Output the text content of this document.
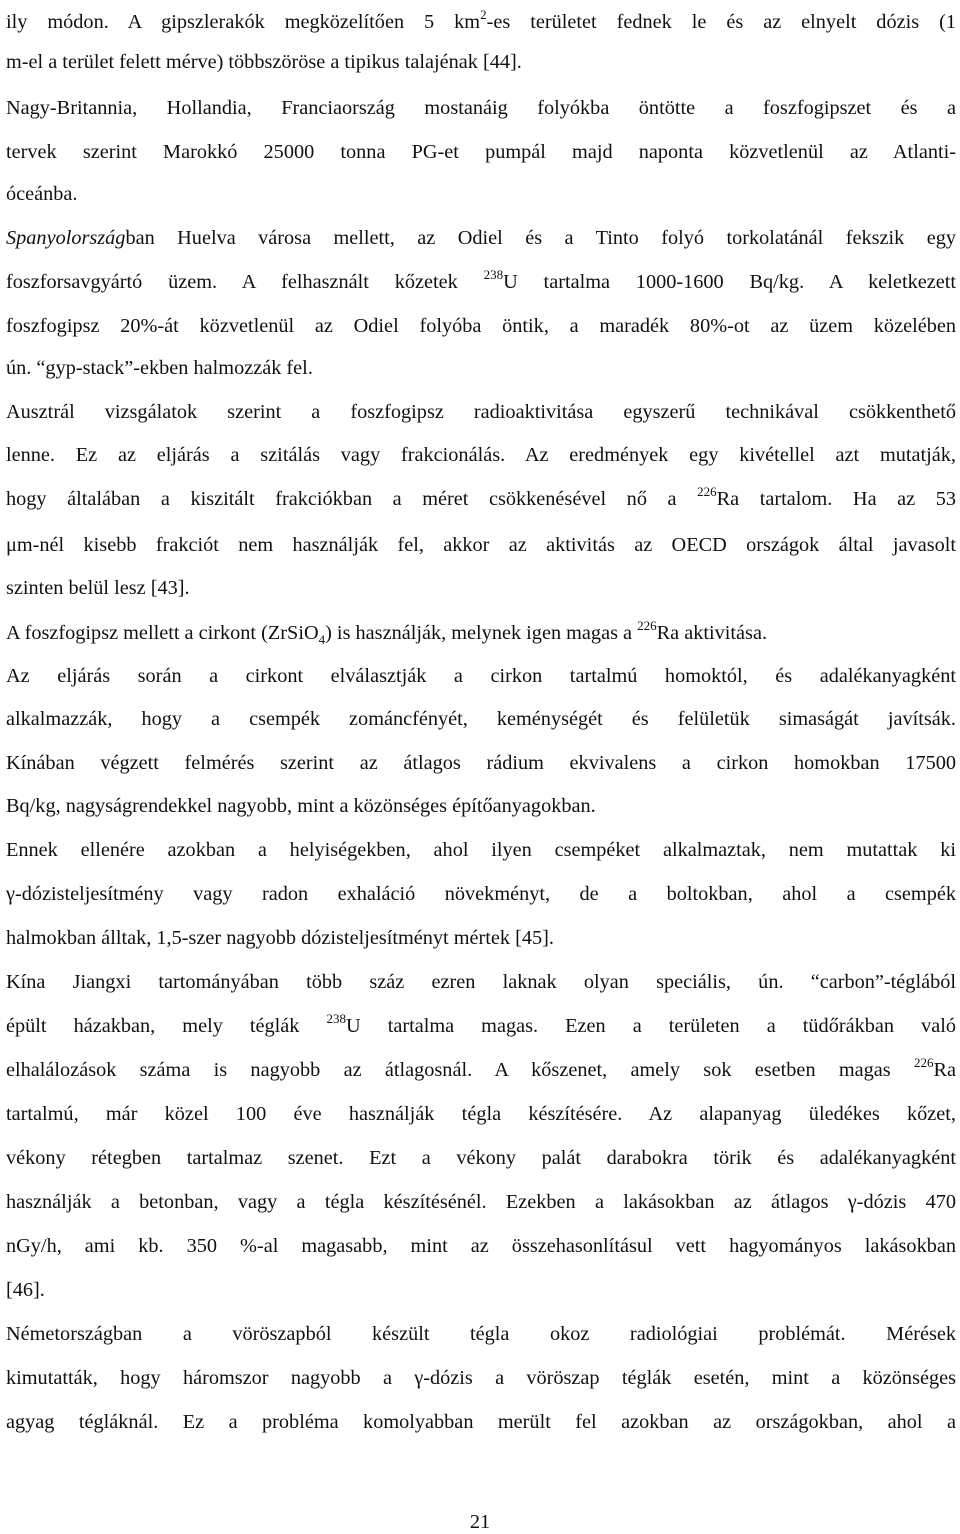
ily módon. A gipszlerakók megközelítően 5 $km^2-es$ területet fednek le és az elnyelt dózis (1
m-el a terület felett mérve) többszöröse a tipikus talajénak [44].
Nagy-Britannia, Hollandia, Franciaország mostanáig folyókba öntötte a foszfogipszet és a
tervek szerint Marokkó 25000 tonna PG-et pumpál majd naponta közvetlenül az Atlanti-
óceánba.
Spanyolországban Huelva városa mellett, az Odiel és a Tinto folyó torkolatánál fekszik egy
foszforsavgyártó üzem. A felhasznált kőzetek $^{238}$U tartalma 1000-1600 Bq/kg. A keletkezett
foszfogipsz 20%-át közvetlenül az Odiel folyóba öntik, a maradék 80%-ot az üzem közelében
ún. “gyp-stack”-ekben halmozzák fel.
Ausztrál vizsgálatok szerint a foszfogipsz radioaktivitása egyszerű technikával csökkenthető
lenne. Ez az eljárás a szitálás vagy frakcionálás. Az eredmények egy kivétellel azt mutatják,
hogy általában a kiszitált frakciókban a méret csökkenésével nő a $^{226}$Ra tartalom. Ha az 53
μm-nél kisebb frakciót nem használják fel, akkor az aktivitás az OECD országok által javasolt
szinten belül lesz [43].
A foszfogipsz mellett a cirkont (ZrSiO$_4$) is használják, melynek igen magas a $^{226}$Ra aktivitása.
Az eljárás során a cirkont elválasztják a cirkon tartalmú homoktól, és adalékanyagként
alkalmazzák, hogy a csempék zománcfényét, keménységét és felületük simaságát javítsák.
Kínában végzett felmérés szerint az átlagos rádium ekvivalens a cirkon homokban 17500
Bq/kg, nagyságrendekkel nagyobb, mint a közönséges építőanyagokban.
Ennek ellenére azokban a helyiségekben, ahol ilyen csempéket alkalmaztak, nem mutattak ki
γ-dózisteljesítmény vagy radon exhaláció növekményt, de a boltokban, ahol a csempék
halmokban álltak, 1,5-szer nagyobb dózisteljesítményt mértek [45].
Kína Jiangxi tartományában több száz ezren laknak olyan speciális, ún. “carbon”-téglából
épült házakban, mely téglák $^{238}$U tartalma magas. Ezen a területen a tüdőrákban való
elhalálozások száma is nagyobb az átlagosnál. A kőszenet, amely sok esetben magas $^{226}$Ra
tartalmú, már közel 100 éve használják tégla készítésére. Az alapanyag üledékes kőzet,
vékony rétegben tartalmaz szenet. Ezt a vékony palát darabokra törik és adalékanyagként
használják a betonban, vagy a tégla készítésénél. Ezekben a lakásokban az átlagos γ-dózis 470
nGy/h, ami kb. 350 %-al magasabb, mint az összehasonlításul vett hagyományos lakásokban
[46].
Németországban a vöröszapból készült tégla okoz radiológiai problémát. Mérések
kimutatták, hogy háromszor nagyobb a γ-dózis a vöröszap téglák esetén, mint a közönséges
agyag tégláknál. Ez a probléma komolyabban merült fel azokban az országokban, ahol a
21
